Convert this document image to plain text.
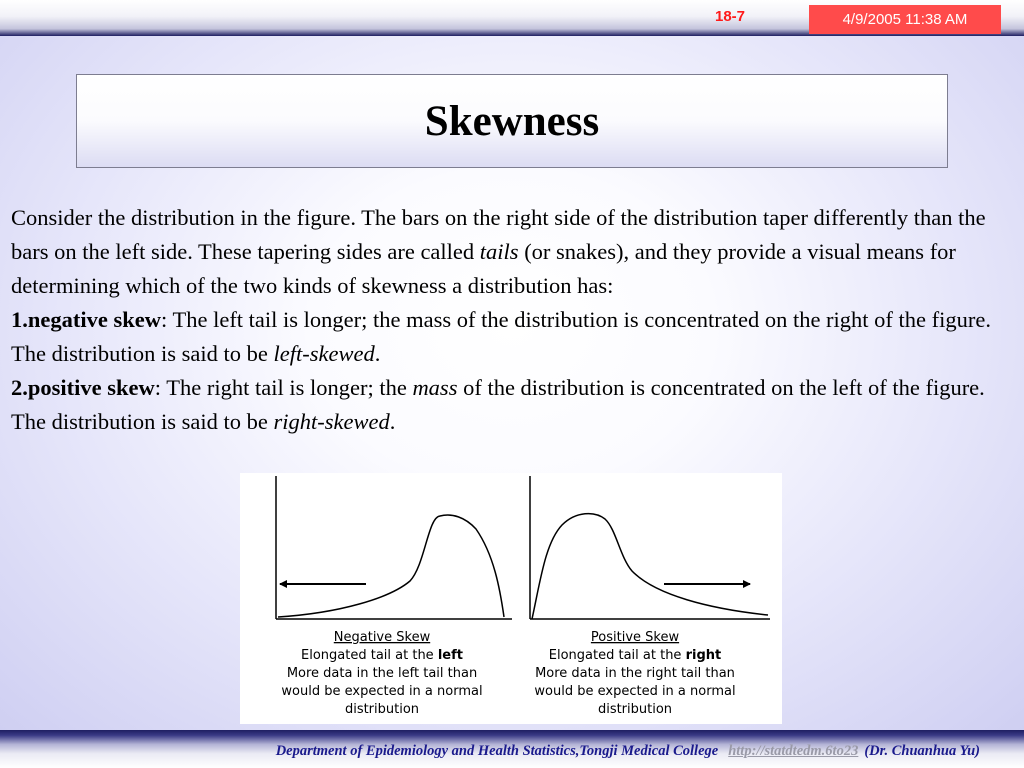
18-7	4/9/2005 11:38 AM
Skewness

Consider the distribution in the figure. The bars on the right side of the distribution taper differently than the bars on the left side. These tapering sides are called tails (or snakes), and they provide a visual means for determining which of the two kinds of skewness a distribution has:

1.negative skew: The left tail is longer; the mass of the distribution is concentrated on the right of the figure. The distribution is said to be left-skewed.

2.positive skew: The right tail is longer; the mass of the distribution is concentrated on the left of the figure. The distribution is said to be right-skewed.

Negative Skew
Elongated tail at the left
More data in the left tail than
would be expected in a normal
distribution
Positive Skew
Elongated tail at the right
More data in the right tail than
would be expected in a normal
distribution
Department of Epidemiology and Health Statistics,Tongji Medical College http://statdtedm.6to23 (Dr. Chuanhua Yu)
